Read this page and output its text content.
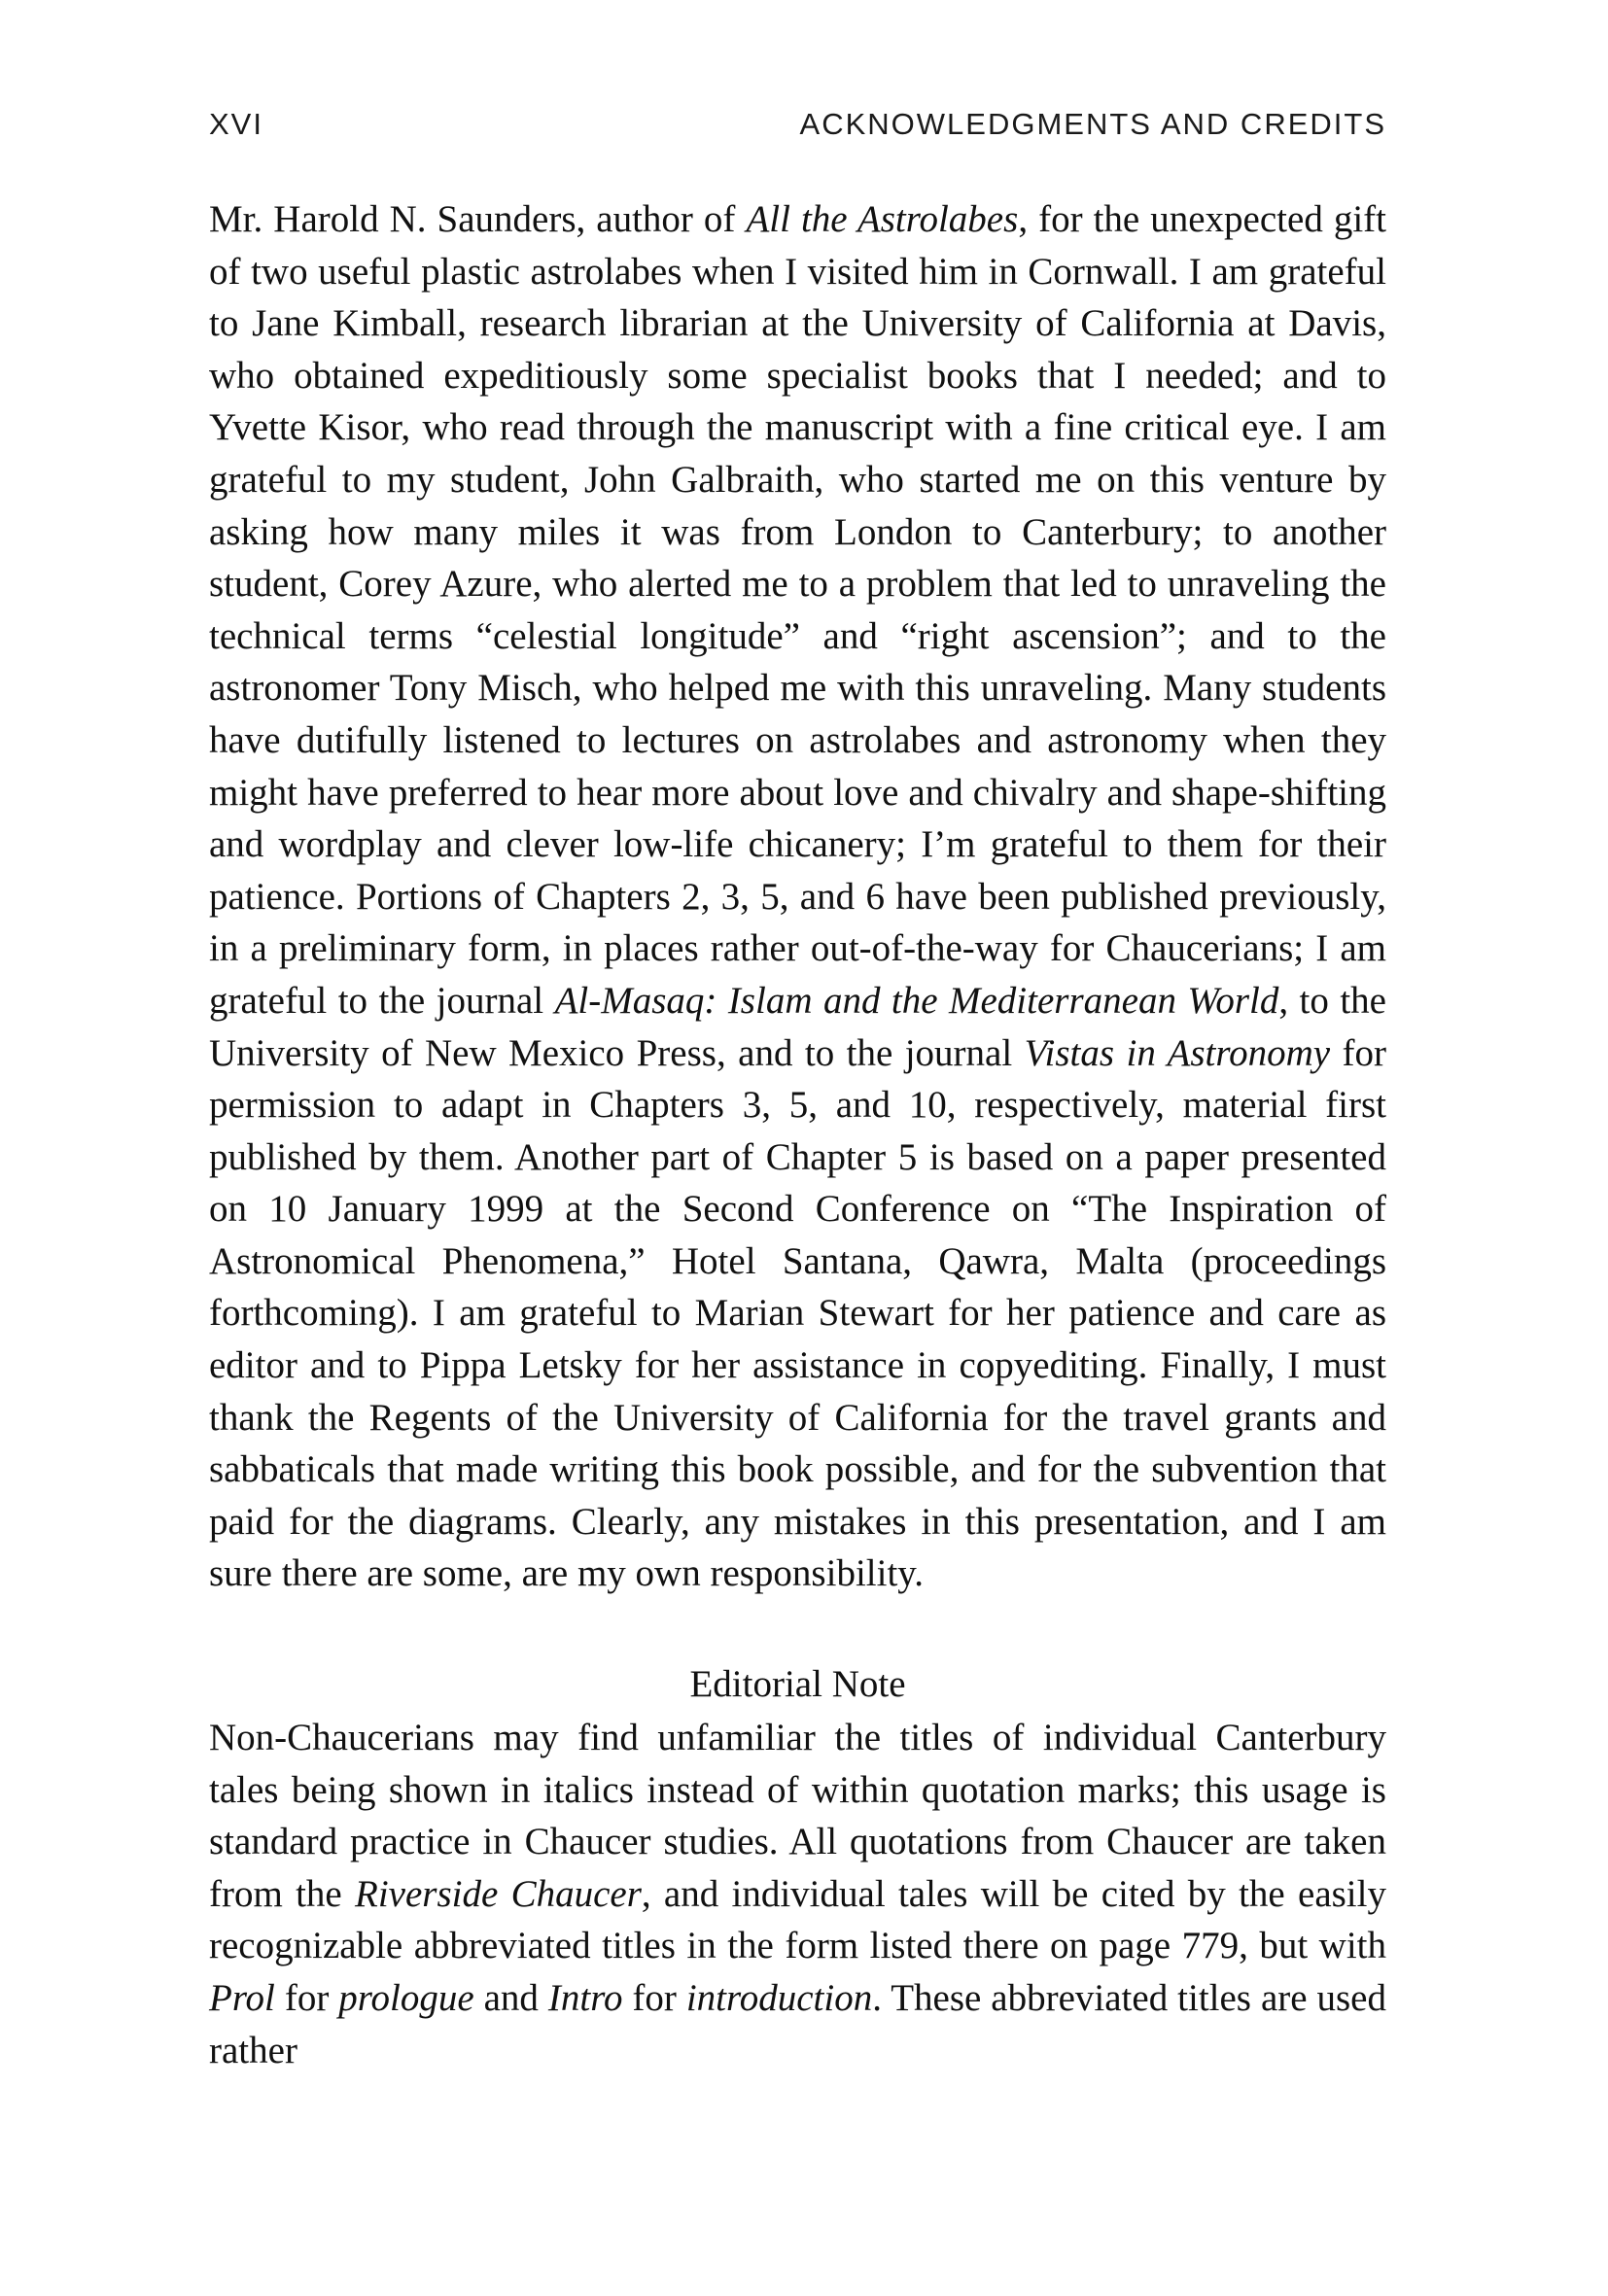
XVI	ACKNOWLEDGMENTS AND CREDITS

Mr. Harold N. Saunders, author of All the Astrolabes, for the unexpected gift of two useful plastic astrolabes when I visited him in Cornwall. I am grateful to Jane Kimball, research librarian at the University of California at Davis, who obtained expeditiously some specialist books that I needed; and to Yvette Kisor, who read through the manuscript with a fine critical eye. I am grateful to my student, John Galbraith, who started me on this venture by asking how many miles it was from London to Canterbury; to another student, Corey Azure, who alerted me to a problem that led to unraveling the technical terms “celestial longitude” and “right ascension”; and to the astronomer Tony Misch, who helped me with this unraveling. Many students have dutifully listened to lectures on astrolabes and astronomy when they might have preferred to hear more about love and chivalry and shape-shifting and wordplay and clever low-life chicanery; I’m grateful to them for their patience. Portions of Chapters 2, 3, 5, and 6 have been published previously, in a preliminary form, in places rather out-of-the-way for Chaucerians; I am grateful to the journal Al-Masaq: Islam and the Mediterranean World, to the University of New Mexico Press, and to the journal Vistas in Astronomy for permission to adapt in Chapters 3, 5, and 10, respectively, material first published by them. Another part of Chapter 5 is based on a paper presented on 10 January 1999 at the Second Conference on “The Inspiration of Astronomical Phenomena,” Hotel Santana, Qawra, Malta (proceedings forthcoming). I am grateful to Marian Stewart for her patience and care as editor and to Pippa Letsky for her assistance in copyediting. Finally, I must thank the Regents of the University of California for the travel grants and sabbaticals that made writing this book possible, and for the subvention that paid for the diagrams. Clearly, any mistakes in this presentation, and I am sure there are some, are my own responsibility.

Editorial Note

Non-Chaucerians may find unfamiliar the titles of individual Canterbury tales being shown in italics instead of within quotation marks; this usage is standard practice in Chaucer studies. All quotations from Chaucer are taken from the Riverside Chaucer, and individual tales will be cited by the easily recognizable abbreviated titles in the form listed there on page 779, but with Prol for prologue and Intro for introduction. These abbreviated titles are used rather
